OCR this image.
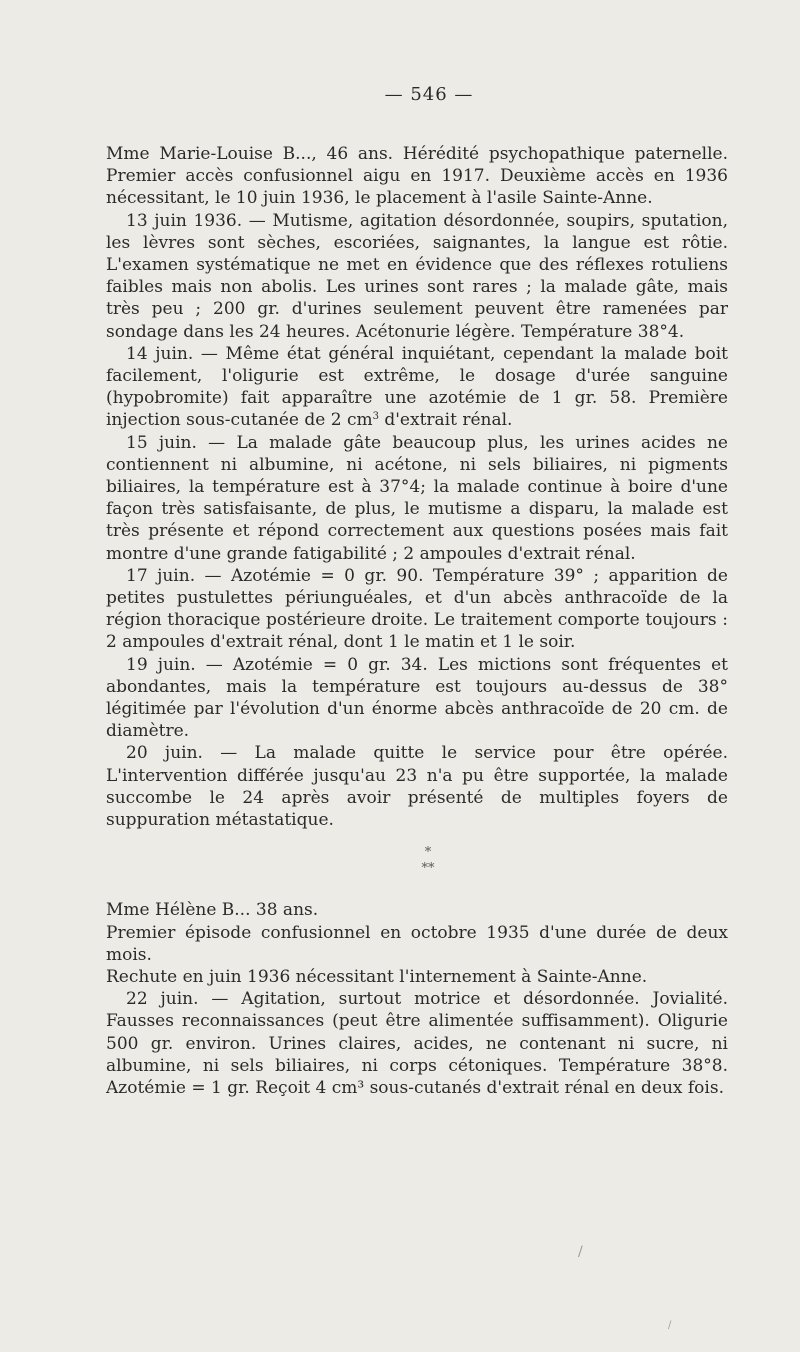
— 546 —

Mme Marie-Louise B..., 46 ans. Hérédité psychopathique paternelle. Premier accès confusionnel aigu en 1917. Deuxième accès en 1936 nécessitant, le 10 juin 1936, le placement à l'asile Sainte-Anne.

13 juin 1936. — Mutisme, agitation désordonnée, soupirs, sputation, les lèvres sont sèches, escoriées, saignantes, la langue est rôtie. L'examen systématique ne met en évidence que des réflexes rotuliens faibles mais non abolis. Les urines sont rares ; la malade gâte, mais très peu ; 200 gr. d'urines seulement peuvent être ramenées par sondage dans les 24 heures. Acétonurie légère. Température 38°4.

14 juin. — Même état général inquiétant, cependant la malade boit facilement, l'oligurie est extrême, le dosage d'urée sanguine (hypobromite) fait apparaître une azotémie de 1 gr. 58. Première injection sous-cutanée de 2 $cm^3$ d'extrait rénal.

15 juin. — La malade gâte beaucoup plus, les urines acides ne contiennent ni albumine, ni acétone, ni sels biliaires, ni pigments biliaires, la température est à 37°4; la malade continue à boire d'une façon très satisfaisante, de plus, le mutisme a disparu, la malade est très présente et répond correctement aux questions posées mais fait montre d'une grande fatigabilité ; 2 ampoules d'extrait rénal.

17 juin. — Azotémie = 0 gr. 90. Température 39° ; apparition de petites pustulettes périunguéales, et d'un abcès anthracoïde de la région thoracique postérieure droite. Le traitement comporte toujours : 2 ampoules d'extrait rénal, dont 1 le matin et 1 le soir.

19 juin. — Azotémie = 0 gr. 34. Les mictions sont fréquentes et abondantes, mais la température est toujours au-dessus de 38° légitimée par l'évolution d'un énorme abcès anthracoïde de 20 cm. de diamètre.

20 juin. — La malade quitte le service pour être opérée. L'intervention différée jusqu'au 23 n'a pu être supportée, la malade succombe le 24 après avoir présenté de multiples foyers de suppuration métastatique.

*
**

Mme Hélène B... 38 ans.

Premier épisode confusionnel en octobre 1935 d'une durée de deux mois.

Rechute en juin 1936 nécessitant l'internement à Sainte-Anne.

22 juin. — Agitation, surtout motrice et désordonnée. Jovialité. Fausses reconnaissances (peut être alimentée suffisamment). Oligurie 500 gr. environ. Urines claires, acides, ne contenant ni sucre, ni albumine, ni sels biliaires, ni corps cétoniques. Température 38°8. Azotémie = 1 gr. Reçoit 4 cm³ sous-cutanés d'extrait rénal en deux fois.

/
/
